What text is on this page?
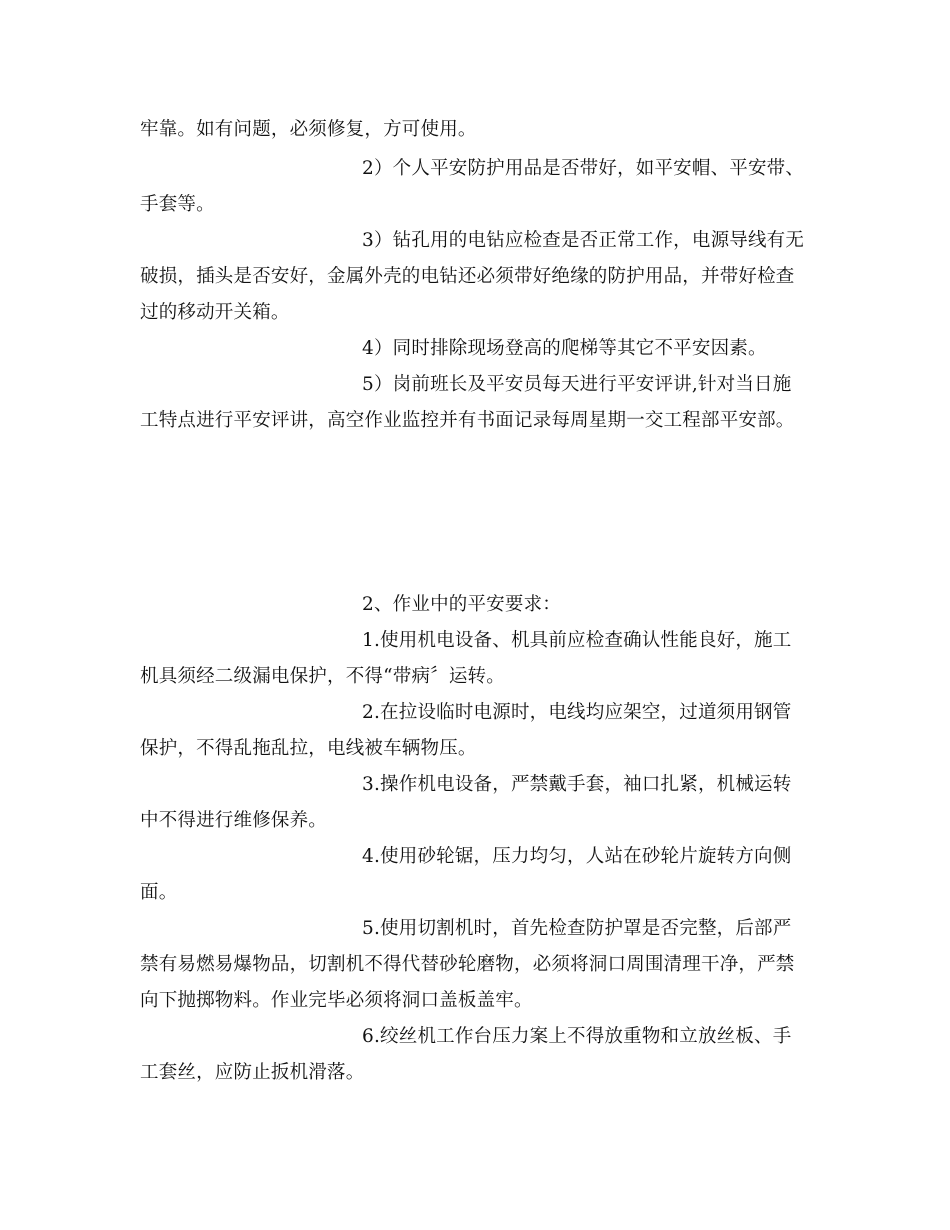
牢靠。如有问题，必须修复，方可使用。
2）个人平安防护用品是否带好，如平安帽、平安带、
手套等。
3）钻孔用的电钻应检查是否正常工作，电源导线有无
破损，插头是否安好，金属外壳的电钻还必须带好绝缘的防护用品，并带好检查
过的移动开关箱。
4）同时排除现场登高的爬梯等其它不平安因素。
5）岗前班长及平安员每天进行平安评讲,针对当日施
工特点进行平安评讲，高空作业监控并有书面记录每周星期一交工程部平安部。
2、作业中的平安要求：
1.使用机电设备、机具前应检查确认性能良好，施工
机具须经二级漏电保护，不得“带病〞运转。
2.在拉设临时电源时，电线均应架空，过道须用钢管
保护，不得乱拖乱拉，电线被车辆物压。
3.操作机电设备，严禁戴手套，袖口扎紧，机械运转
中不得进行维修保养。
4.使用砂轮锯，压力均匀，人站在砂轮片旋转方向侧
面。
5.使用切割机时，首先检查防护罩是否完整，后部严
禁有易燃易爆物品，切割机不得代替砂轮磨物，必须将洞口周围清理干净，严禁
向下抛掷物料。作业完毕必须将洞口盖板盖牢。
6.绞丝机工作台压力案上不得放重物和立放丝板、手
工套丝，应防止扳机滑落。
